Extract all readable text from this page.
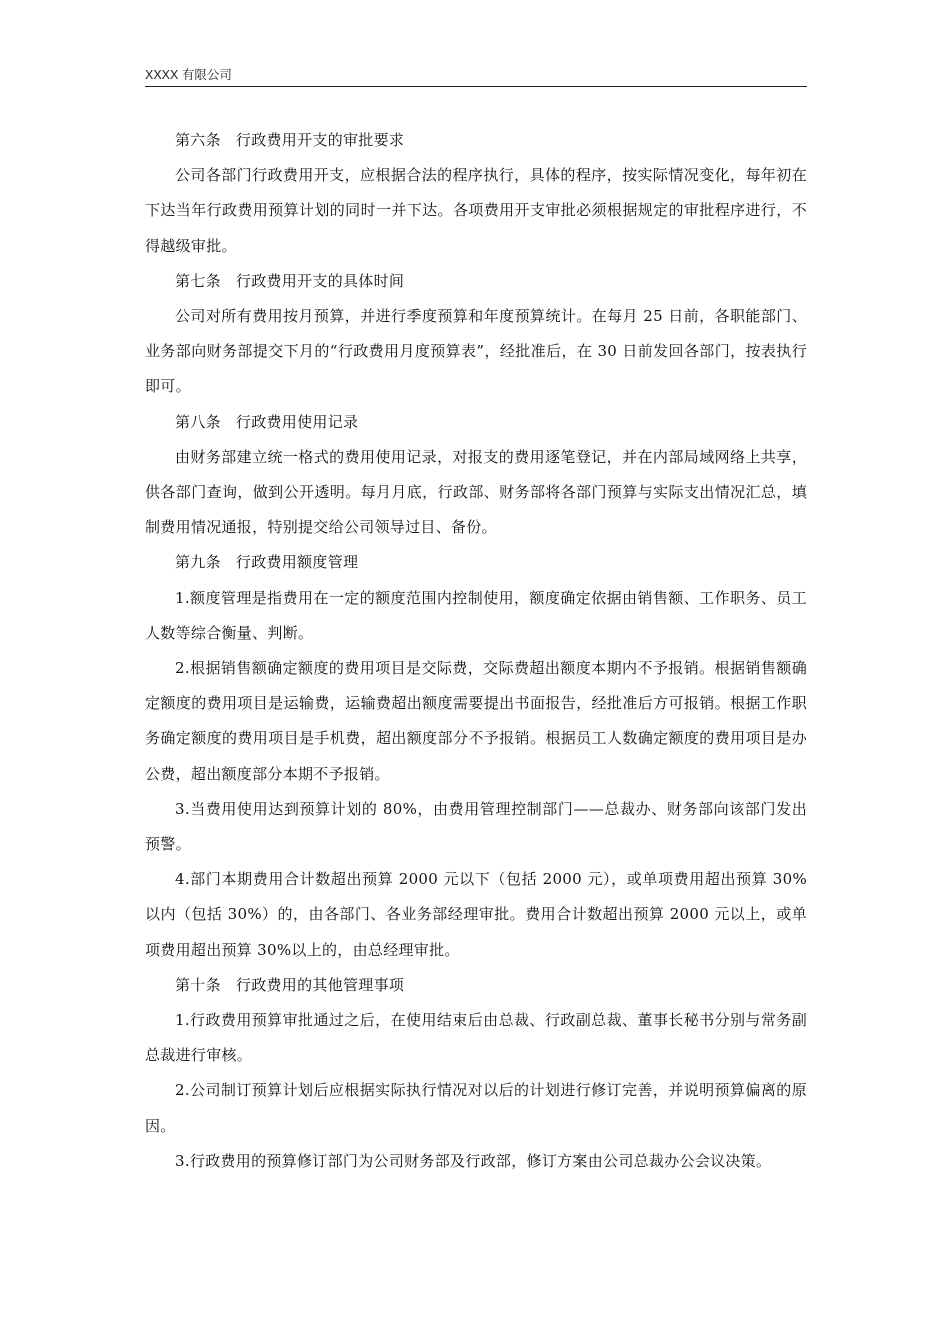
XXXX 有限公司

第六条 行政费用开支的审批要求

公司各部门行政费用开支，应根据合法的程序执行，具体的程序，按实际情况变化，每年初在下达当年行政费用预算计划的同时一并下达。各项费用开支审批必须根据规定的审批程序进行，不得越级审批。

第七条 行政费用开支的具体时间

公司对所有费用按月预算，并进行季度预算和年度预算统计。在每月 25 日前，各职能部门、业务部向财务部提交下月的“行政费用月度预算表”，经批准后，在 30 日前发回各部门，按表执行即可。

第八条 行政费用使用记录

由财务部建立统一格式的费用使用记录，对报支的费用逐笔登记，并在内部局域网络上共享，供各部门查询，做到公开透明。每月月底，行政部、财务部将各部门预算与实际支出情况汇总，填制费用情况通报，特别提交给公司领导过目、备份。

第九条 行政费用额度管理

1.额度管理是指费用在一定的额度范围内控制使用，额度确定依据由销售额、工作职务、员工人数等综合衡量、判断。

2.根据销售额确定额度的费用项目是交际费，交际费超出额度本期内不予报销。根据销售额确定额度的费用项目是运输费，运输费超出额度需要提出书面报告，经批准后方可报销。根据工作职务确定额度的费用项目是手机费，超出额度部分不予报销。根据员工人数确定额度的费用项目是办公费，超出额度部分本期不予报销。

3.当费用使用达到预算计划的 80%，由费用管理控制部门——总裁办、财务部向该部门发出预警。

4.部门本期费用合计数超出预算 2000 元以下（包括 2000 元），或单项费用超出预算 30%以内（包括 30%）的，由各部门、各业务部经理审批。费用合计数超出预算 2000 元以上，或单项费用超出预算 30%以上的，由总经理审批。

第十条 行政费用的其他管理事项

1.行政费用预算审批通过之后，在使用结束后由总裁、行政副总裁、董事长秘书分别与常务副总裁进行审核。

2.公司制订预算计划后应根据实际执行情况对以后的计划进行修订完善，并说明预算偏离的原因。

3.行政费用的预算修订部门为公司财务部及行政部，修订方案由公司总裁办公会议决策。
